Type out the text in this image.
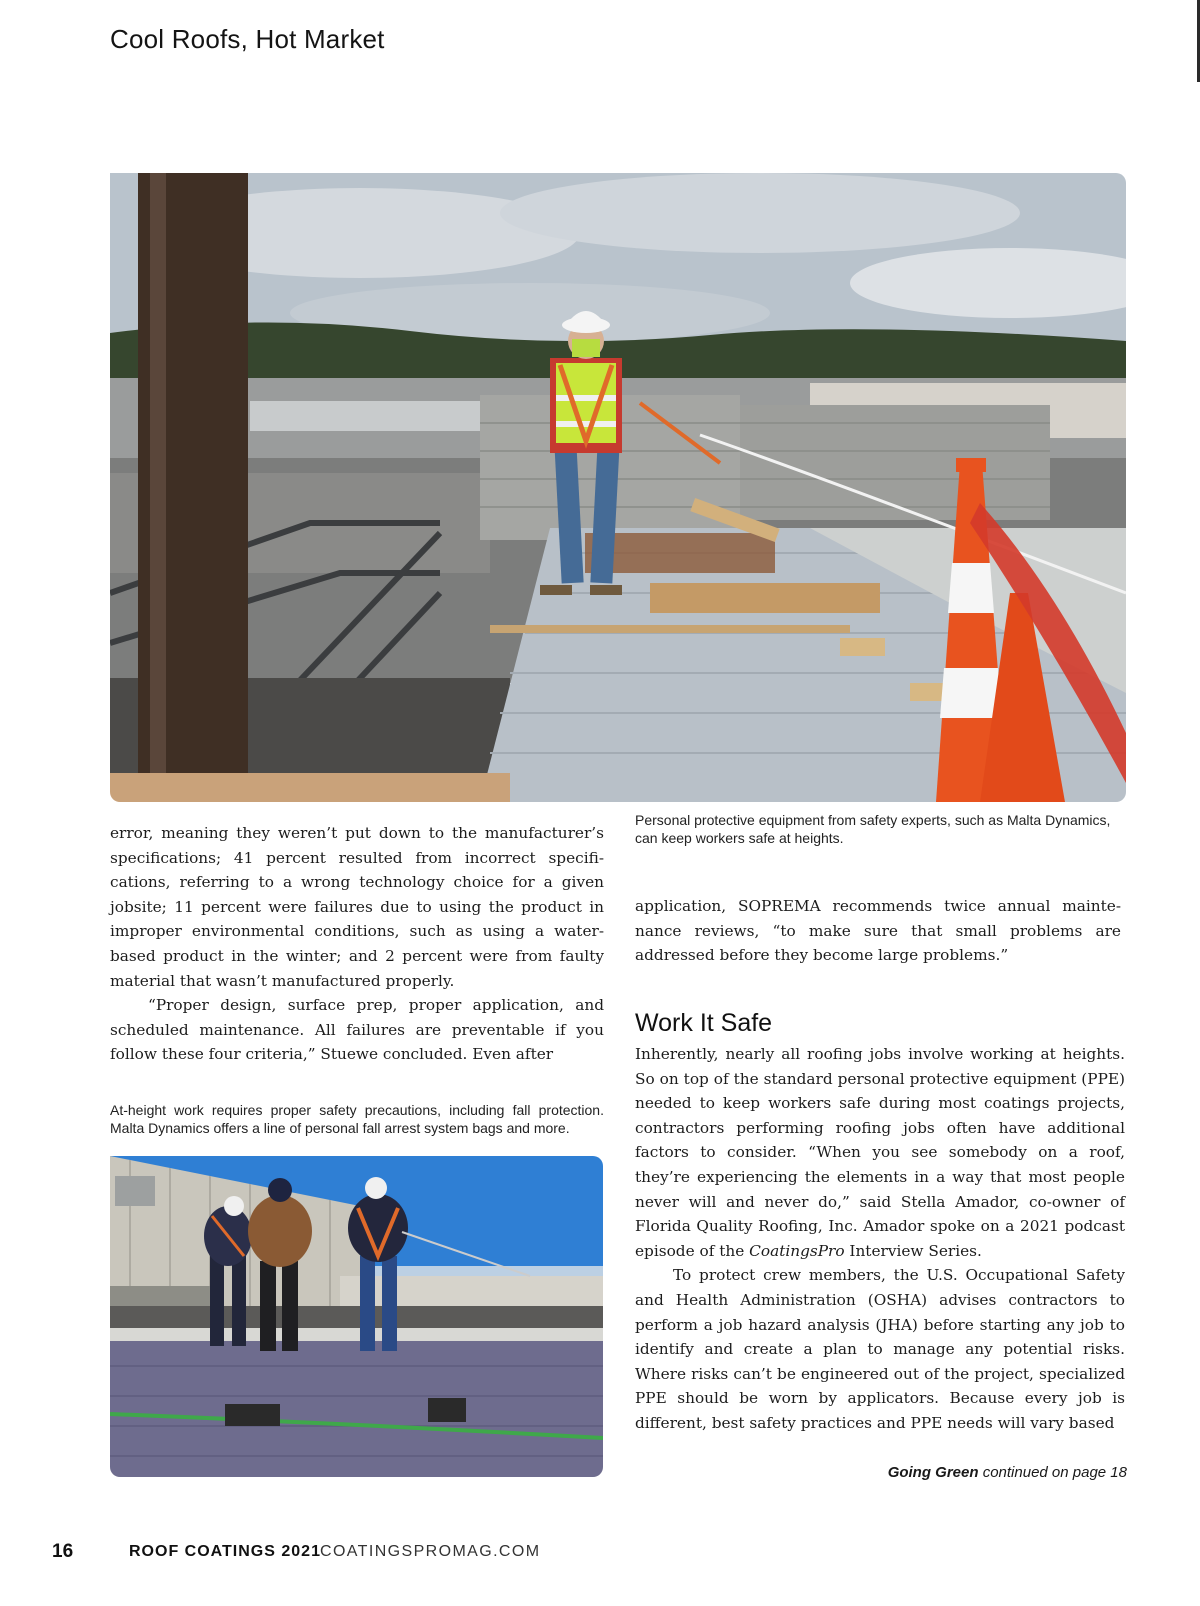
Cool Roofs, Hot Market

Personal protective equipment from safety experts, such as Malta Dynamics, can keep workers safe at heights.

error, meaning they weren’t put down to the manufacturer’s specifications; 41 percent resulted from incorrect specifications, referring to a wrong technology choice for a given jobsite; 11 percent were failures due to using the product in improper environmental conditions, such as using a water-based product in the winter; and 2 percent were from faulty material that wasn’t manufactured properly.

“Proper design, surface prep, proper application, and scheduled maintenance. All failures are preventable if you follow these four criteria,” Stuewe concluded. Even after

At-height work requires proper safety precautions, including fall protection. Malta Dynamics offers a line of personal fall arrest system bags and more.

application, SOPREMA recommends twice annual maintenance reviews, “to make sure that small problems are addressed before they become large problems.”

Work It Safe

Inherently, nearly all roofing jobs involve working at heights. So on top of the standard personal protective equipment (PPE) needed to keep workers safe during most coatings projects, contractors performing roofing jobs often have additional factors to consider. “When you see somebody on a roof, they’re experiencing the elements in a way that most people never will and never do,” said Stella Amador, co-owner of Florida Quality Roofing, Inc. Amador spoke on a 2021 podcast episode of the CoatingsPro Interview Series.

To protect crew members, the U.S. Occupational Safety and Health Administration (OSHA) advises contractors to perform a job hazard analysis (JHA) before starting any job to identify and create a plan to manage any potential risks. Where risks can’t be engineered out of the project, specialized PPE should be worn by applicators. Because every job is different, best safety practices and PPE needs will vary based

Going Green continued on page 18

16	ROOF COATINGS 2021 COATINGSPROMAG.COM
